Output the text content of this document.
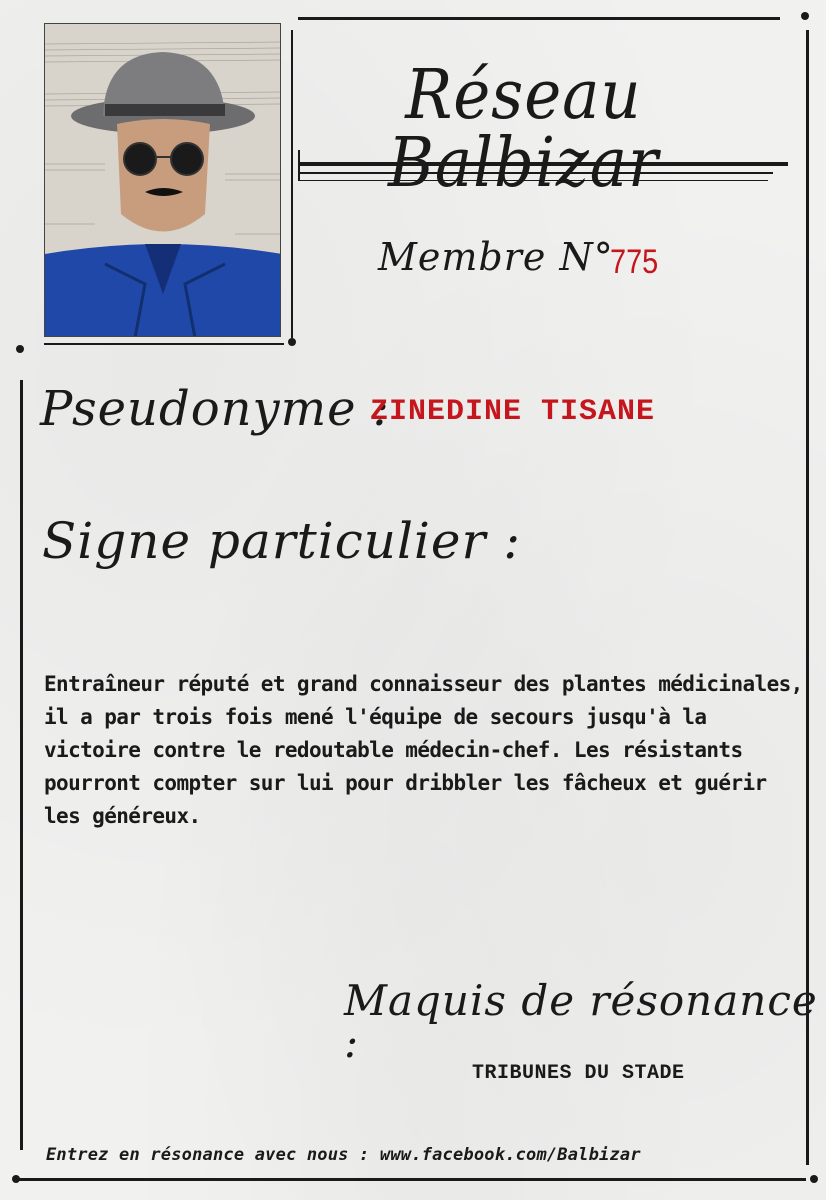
Réseau Balbizar
Membre N°
775
Pseudonyme :
ZINEDINE TISANE
Signe particulier :
Entraîneur réputé et grand connaisseur des plantes médicinales, il a par trois fois mené l'équipe de secours jusqu'à la victoire contre le redoutable médecin-chef. Les résistants pourront compter sur lui pour dribbler les fâcheux et guérir les généreux.
Maquis de résonance :
TRIBUNES DU STADE
Entrez en résonance avec nous : www.facebook.com/Balbizar
